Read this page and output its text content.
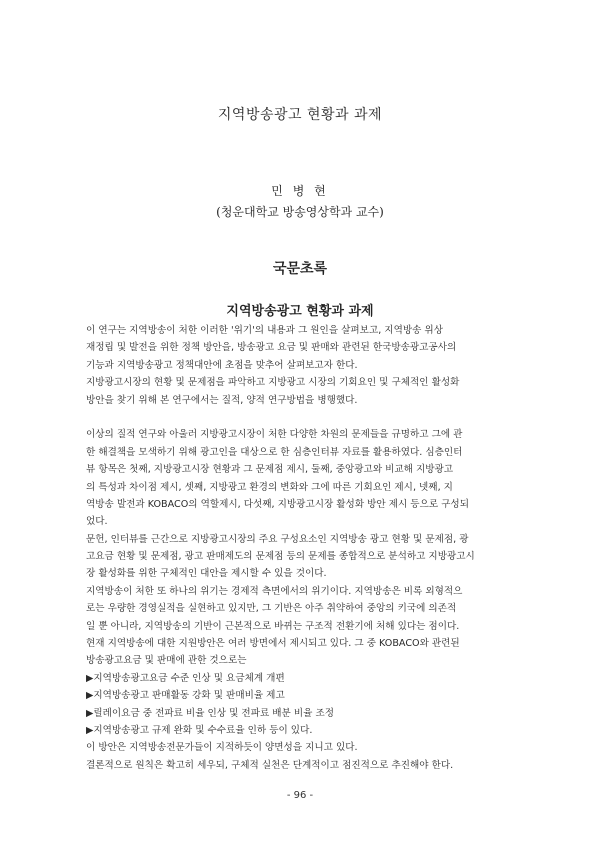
지역방송광고 현황과 과제
민 병 현
(청운대학교 방송영상학과 교수)
국문초록
지역방송광고 현황과 과제
이 연구는 지역방송이 처한 이러한 '위기'의 내용과 그 원인을 살펴보고, 지역방송 위상
재정립 및 발전을 위한 정책 방안을, 방송광고 요금 및 판매와 관련된 한국방송광고공사의
기능과 지역방송광고 정책대안에 초점을 맞추어 살펴보고자 한다.
지방광고시장의 현황 및 문제점을 파악하고 지방광고 시장의 기회요인 및 구체적인 활성화
방안을 찾기 위해 본 연구에서는 질적, 양적 연구방법을 병행했다.
이상의 질적 연구와 아울러 지방광고시장이 처한 다양한 차원의 문제들을 규명하고 그에 관
한 해결책을 모색하기 위해 광고인을 대상으로 한 심층인터뷰 자료를 활용하였다. 심층인터
뷰 항목은 첫째, 지방광고시장 현황과 그 문제점 제시, 둘째, 중앙광고와 비교해 지방광고
의 특성과 차이점 제시, 셋째, 지방광고 환경의 변화와 그에 따른 기회요인 제시, 넷째, 지
역방송 발전과 KOBACO의 역할제시, 다섯째, 지방광고시장 활성화 방안 제시 등으로 구성되
었다.
문헌, 인터뷰를 근간으로 지방광고시장의 주요 구성요소인 지역방송 광고 현황 및 문제점, 광
고요금 현황 및 문제점, 광고 판매제도의 문제점 등의 문제를 종합적으로 분석하고 지방광고시
장 활성화를 위한 구체적인 대안을 제시할 수 있을 것이다.
지역방송이 처한 또 하나의 위기는 경제적 측면에서의 위기이다. 지역방송은 비록 외형적으
로는 우량한 경영실적을 실현하고 있지만, 그 기반은 아주 취약하여 중앙의 키국에 의존적
일 뿐 아니라, 지역방송의 기반이 근본적으로 바뀌는 구조적 전환기에 처해 있다는 점이다.
현재 지역방송에 대한 지원방안은 여러 방면에서 제시되고 있다. 그 중 KOBACO와 관련된
방송광고요금 및 판매에 관한 것으로는
▶지역방송광고요금 수준 인상 및 요금체계 개편
▶지역방송광고 판매활동 강화 및 판매비율 제고
▶릴레이요금 중 전파료 비율 인상 및 전파료 배분 비율 조정
▶지역방송광고 규제 완화 및 수수료율 인하 등이 있다.
이 방안은 지역방송전문가들이 지적하듯이 양면성을 지니고 있다.
결론적으로 원칙은 확고히 세우되, 구체적 실천은 단계적이고 점진적으로 추진해야 한다.
- 96 -
